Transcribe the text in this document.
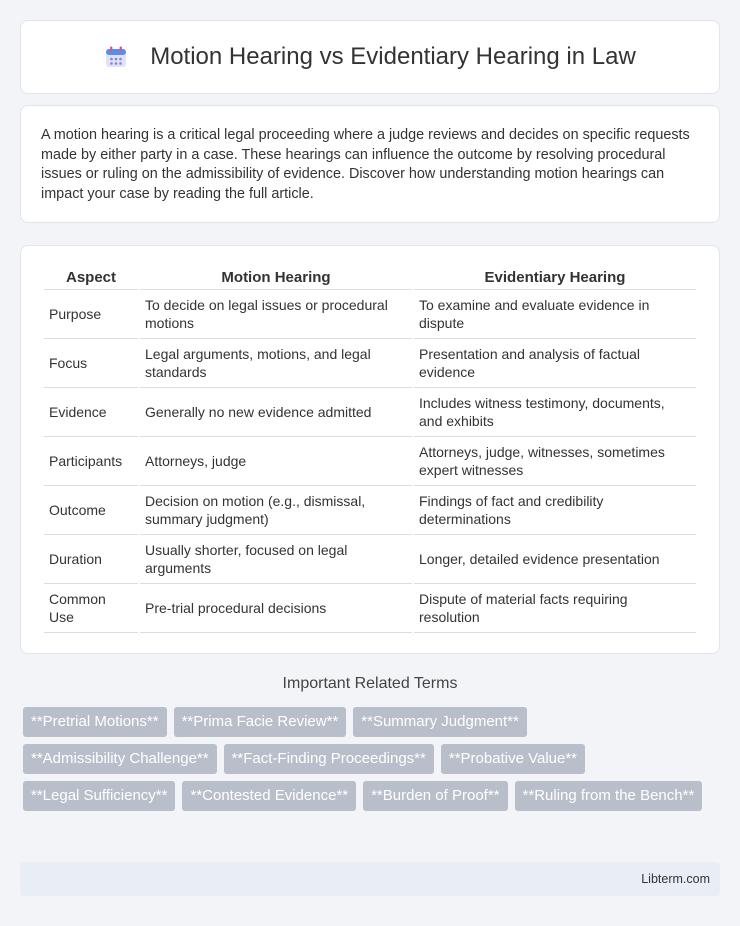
Motion Hearing vs Evidentiary Hearing in Law

A motion hearing is a critical legal proceeding where a judge reviews and decides on specific requests made by either party in a case. These hearings can influence the outcome by resolving procedural issues or ruling on the admissibility of evidence. Discover how understanding motion hearings can impact your case by reading the full article.

Aspect	Motion Hearing	Evidentiary Hearing
Purpose	To decide on legal issues or procedural motions	To examine and evaluate evidence in dispute
Focus	Legal arguments, motions, and legal standards	Presentation and analysis of factual evidence
Evidence	Generally no new evidence admitted	Includes witness testimony, documents, and exhibits
Participants	Attorneys, judge	Attorneys, judge, witnesses, sometimes expert witnesses
Outcome	Decision on motion (e.g., dismissal, summary judgment)	Findings of fact and credibility determinations
Duration	Usually shorter, focused on legal arguments	Longer, detailed evidence presentation
Common Use	Pre-trial procedural decisions	Dispute of material facts requiring resolution
Important Related Terms
**Pretrial Motions**	**Prima Facie Review**	**Summary Judgment**
**Admissibility Challenge**	**Fact-Finding Proceedings**	**Probative Value**
**Legal Sufficiency**	**Contested Evidence**	**Burden of Proof**	**Ruling from the Bench**
Libterm.com
